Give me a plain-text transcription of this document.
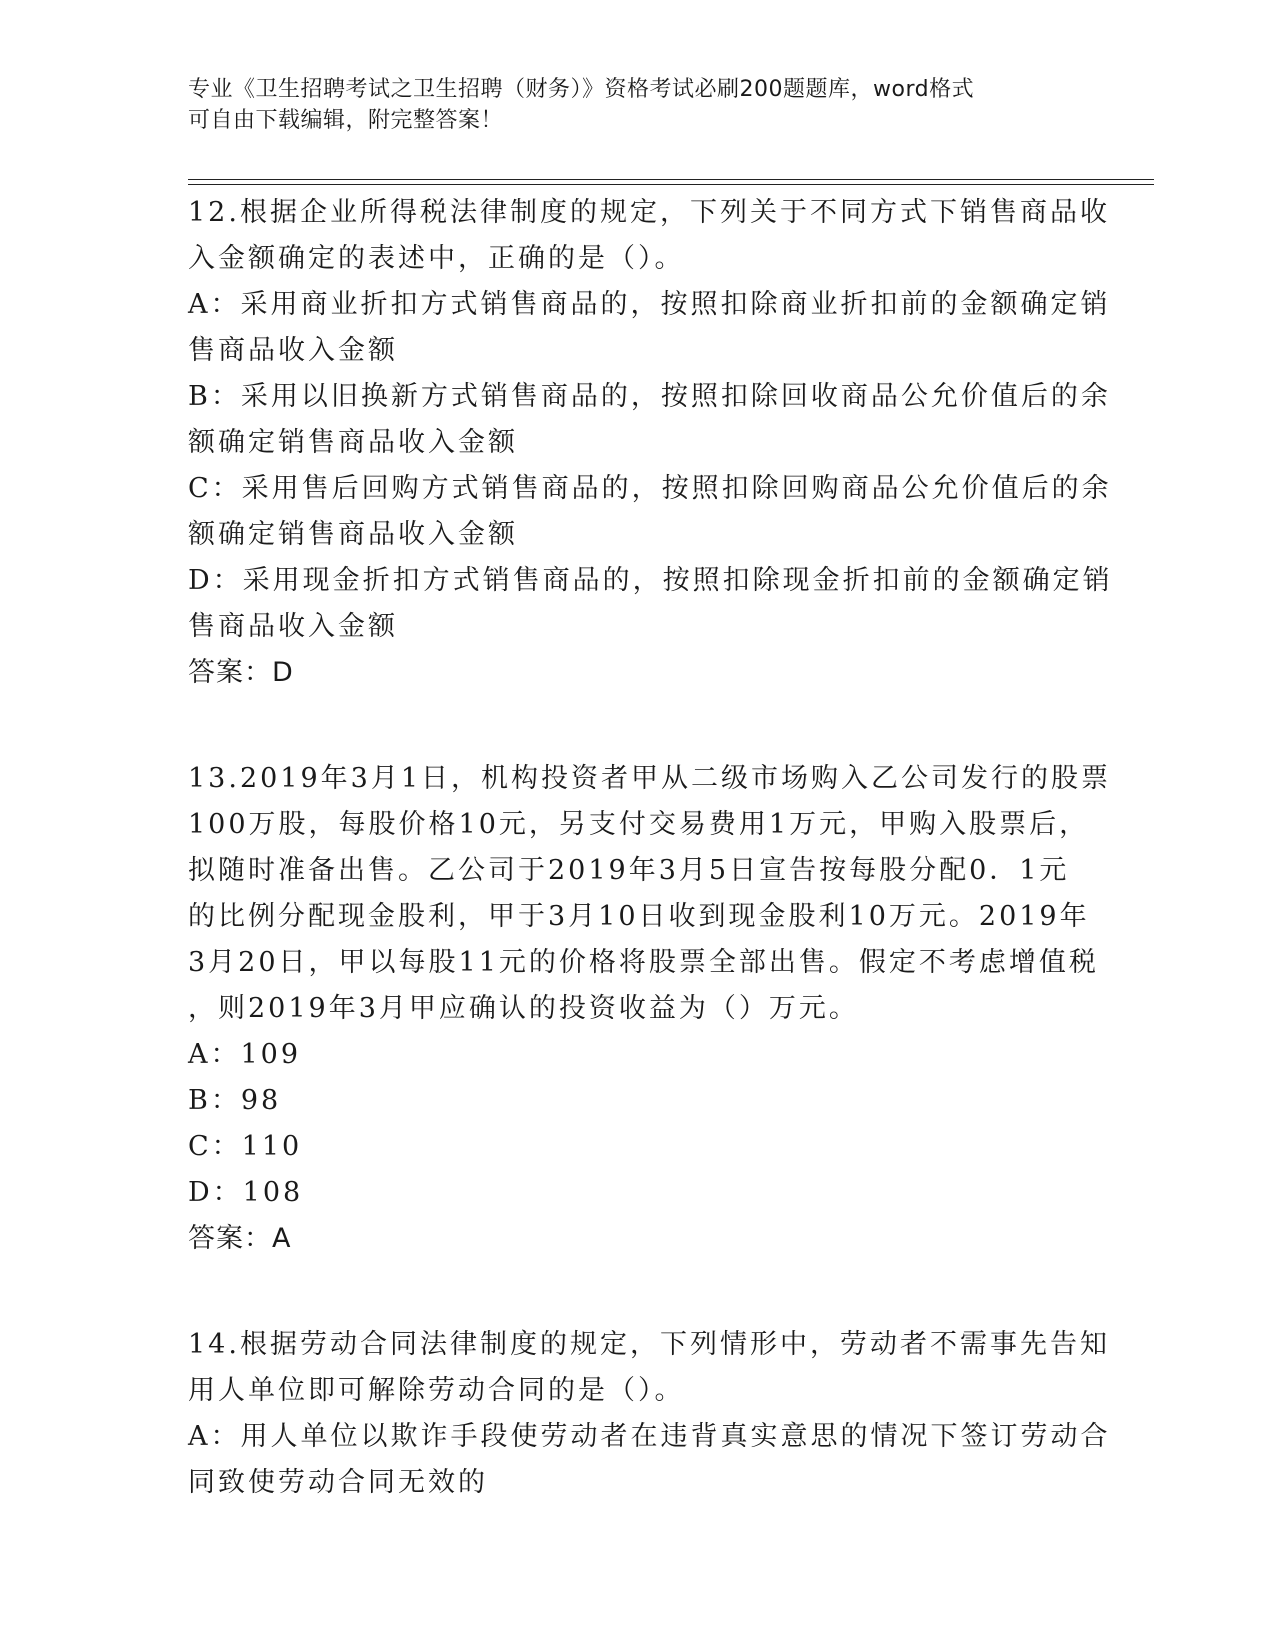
专业《卫生招聘考试之卫生招聘（财务）》资格考试必刷200题题库，word格式
可自由下载编辑，附完整答案！
12.根据企业所得税法律制度的规定，下列关于不同方式下销售商品收
入金额确定的表述中，正确的是（）。
A：采用商业折扣方式销售商品的，按照扣除商业折扣前的金额确定销
售商品收入金额
B：采用以旧换新方式销售商品的，按照扣除回收商品公允价值后的余
额确定销售商品收入金额
C：采用售后回购方式销售商品的，按照扣除回购商品公允价值后的余
额确定销售商品收入金额
D：采用现金折扣方式销售商品的，按照扣除现金折扣前的金额确定销
售商品收入金额
答案：D
13.2019年3月1日，机构投资者甲从二级市场购入乙公司发行的股票
100万股，每股价格10元，另支付交易费用1万元，甲购入股票后，
拟随时准备出售。乙公司于2019年3月5日宣告按每股分配0．1元
的比例分配现金股利，甲于3月10日收到现金股利10万元。2019年
3月20日，甲以每股11元的价格将股票全部出售。假定不考虑增值税
，则2019年3月甲应确认的投资收益为（）万元。
A：109
B：98
C：110
D：108
答案：A
14.根据劳动合同法律制度的规定，下列情形中，劳动者不需事先告知
用人单位即可解除劳动合同的是（）。
A：用人单位以欺诈手段使劳动者在违背真实意思的情况下签订劳动合
同致使劳动合同无效的
